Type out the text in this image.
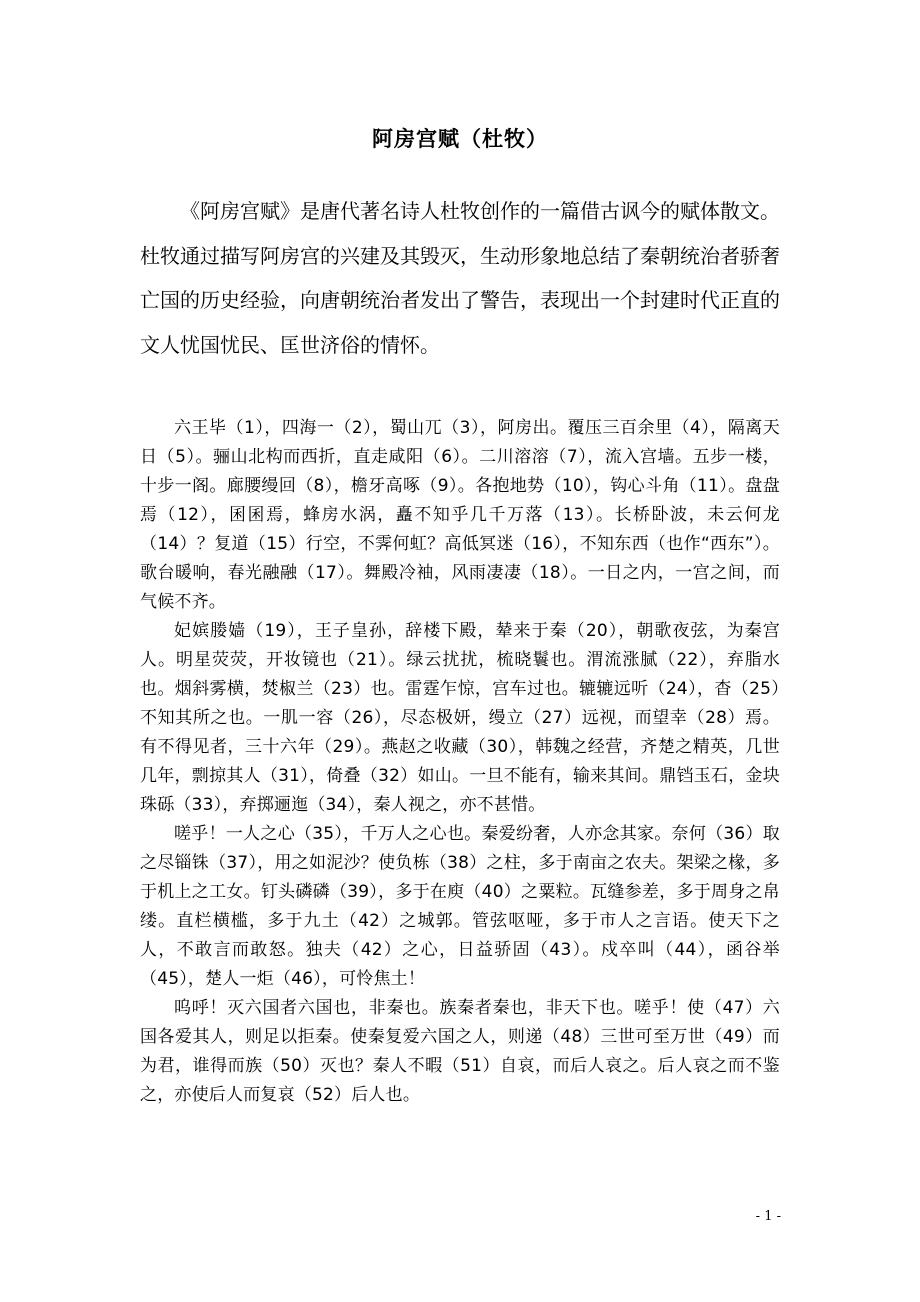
阿房宫赋（杜牧）

《阿房宫赋》是唐代著名诗人杜牧创作的一篇借古讽今的赋体散文。杜牧通过描写阿房宫的兴建及其毁灭，生动形象地总结了秦朝统治者骄奢亡国的历史经验，向唐朝统治者发出了警告，表现出一个封建时代正直的文人忧国忧民、匡世济俗的情怀。

六王毕（1），四海一（2），蜀山兀（3），阿房出。覆压三百余里（4），隔离天日（5）。骊山北构而西折，直走咸阳（6）。二川溶溶（7），流入宫墙。五步一楼，十步一阁。廊腰缦回（8），檐牙高啄（9）。各抱地势（10），钩心斗角（11）。盘盘焉（12），囷囷焉，蜂房水涡，矗不知乎几千万落（13）。长桥卧波，未云何龙（14）？复道（15）行空，不霁何虹？高低冥迷（16），不知东西（也作“西东”）。歌台暖响，春光融融（17）。舞殿冷袖，风雨凄凄（18）。一日之内，一宫之间，而气候不齐。

妃嫔媵嫱（19），王子皇孙，辞楼下殿，辇来于秦（20），朝歌夜弦，为秦宫人。明星荧荧，开妆镜也（21）。绿云扰扰，梳晓鬟也。渭流涨腻（22），弃脂水也。烟斜雾横，焚椒兰（23）也。雷霆乍惊，宫车过也。辘辘远听（24），杳（25）不知其所之也。一肌一容（26），尽态极妍，缦立（27）远视，而望幸（28）焉。有不得见者，三十六年（29）。燕赵之收藏（30），韩魏之经营，齐楚之精英，几世几年，剽掠其人（31），倚叠（32）如山。一旦不能有，输来其间。鼎铛玉石，金块珠砾（33），弃掷逦迤（34），秦人视之，亦不甚惜。

嗟乎！一人之心（35），千万人之心也。秦爱纷奢，人亦念其家。奈何（36）取之尽锱铢（37），用之如泥沙？使负栋（38）之柱，多于南亩之农夫。架梁之椽，多于机上之工女。钉头磷磷（39），多于在庾（40）之粟粒。瓦缝参差，多于周身之帛缕。直栏横槛，多于九土（42）之城郭。管弦呕哑，多于市人之言语。使天下之人，不敢言而敢怒。独夫（42）之心，日益骄固（43）。戍卒叫（44），函谷举（45），楚人一炬（46），可怜焦土！

呜呼！灭六国者六国也，非秦也。族秦者秦也，非天下也。嗟乎！使（47）六国各爱其人，则足以拒秦。使秦复爱六国之人，则递（48）三世可至万世（49）而为君，谁得而族（50）灭也？秦人不暇（51）自哀，而后人哀之。后人哀之而不鉴之，亦使后人而复哀（52）后人也。

- 1 -
